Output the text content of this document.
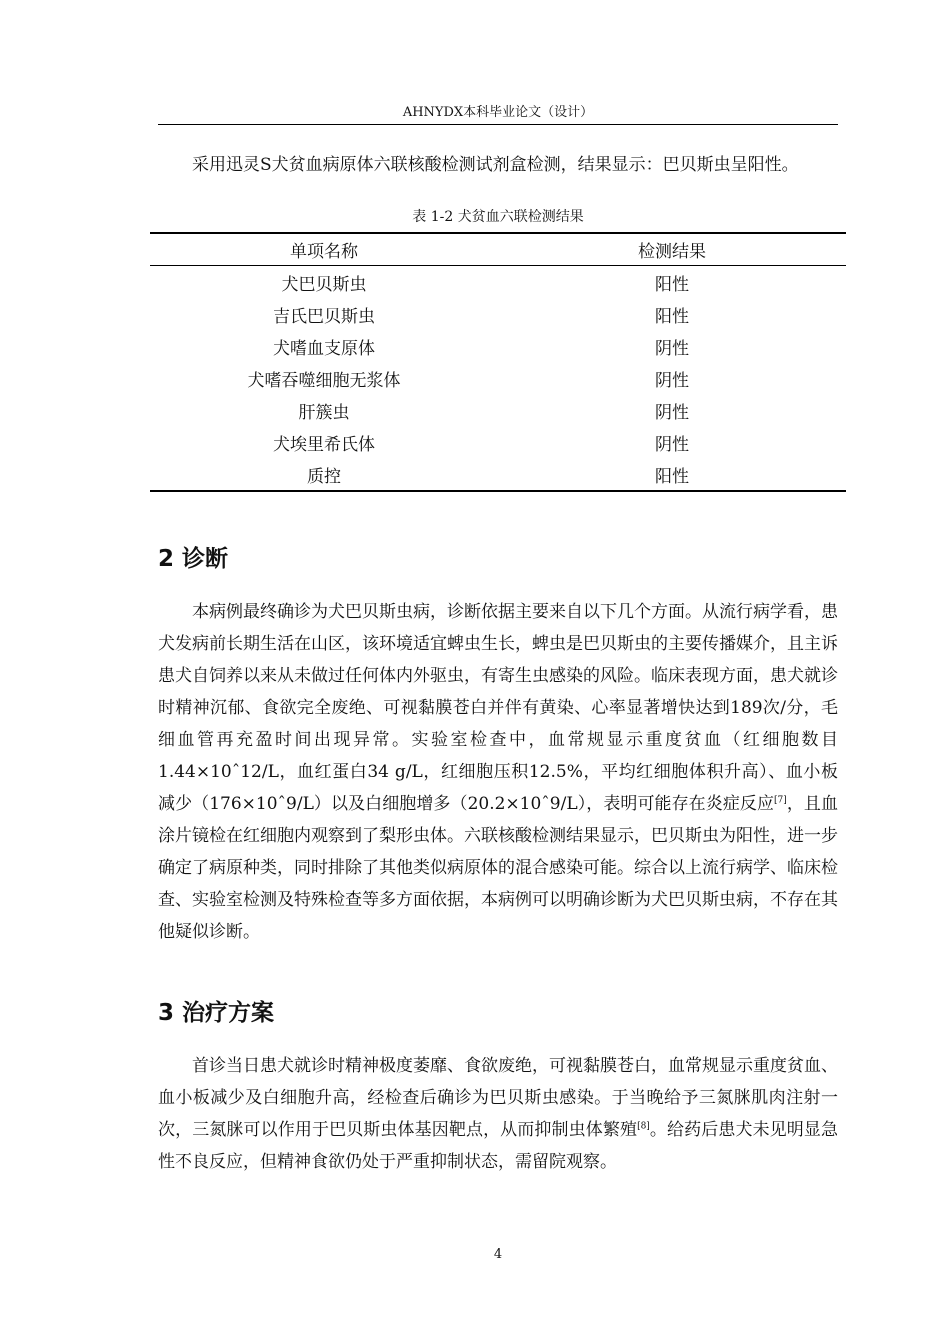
AHNYDX本科毕业论文（设计）

采用迅灵S犬贫血病原体六联核酸检测试剂盒检测，结果显示：巴贝斯虫呈阳性。

表 1-2 犬贫血六联检测结果
单项名称	检测结果
犬巴贝斯虫	阳性
吉氏巴贝斯虫	阳性
犬嗜血支原体	阴性
犬嗜吞噬细胞无浆体	阴性
肝簇虫	阴性
犬埃里希氏体	阴性
质控	阳性
2 诊断

本病例最终确诊为犬巴贝斯虫病，诊断依据主要来自以下几个方面。从流行病学看，患犬发病前长期生活在山区，该环境适宜蜱虫生长，蜱虫是巴贝斯虫的主要传播媒介，且主诉患犬自饲养以来从未做过任何体内外驱虫，有寄生虫感染的风险。临床表现方面，患犬就诊时精神沉郁、食欲完全废绝、可视黏膜苍白并伴有黄染、心率显著增快达到189次/分，毛细血管再充盈时间出现异常。实验室检查中，血常规显示重度贫血（红细胞数目1.44×10ˆ12/L，血红蛋白34 g/L，红细胞压积12.5%，平均红细胞体积升高）、血小板减少（176×10ˆ9/L）以及白细胞增多（20.2×10ˆ9/L），表明可能存在炎症反应[7]，且血涂片镜检在红细胞内观察到了梨形虫体。六联核酸检测结果显示，巴贝斯虫为阳性，进一步确定了病原种类，同时排除了其他类似病原体的混合感染可能。综合以上流行病学、临床检查、实验室检测及特殊检查等多方面依据，本病例可以明确诊断为犬巴贝斯虫病，不存在其他疑似诊断。

3 治疗方案

首诊当日患犬就诊时精神极度萎靡、食欲废绝，可视黏膜苍白，血常规显示重度贫血、血小板减少及白细胞升高，经检查后确诊为巴贝斯虫感染。于当晚给予三氮脒肌肉注射一次，三氮脒可以作用于巴贝斯虫体基因靶点，从而抑制虫体繁殖[8]。给药后患犬未见明显急性不良反应，但精神食欲仍处于严重抑制状态，需留院观察。

4
